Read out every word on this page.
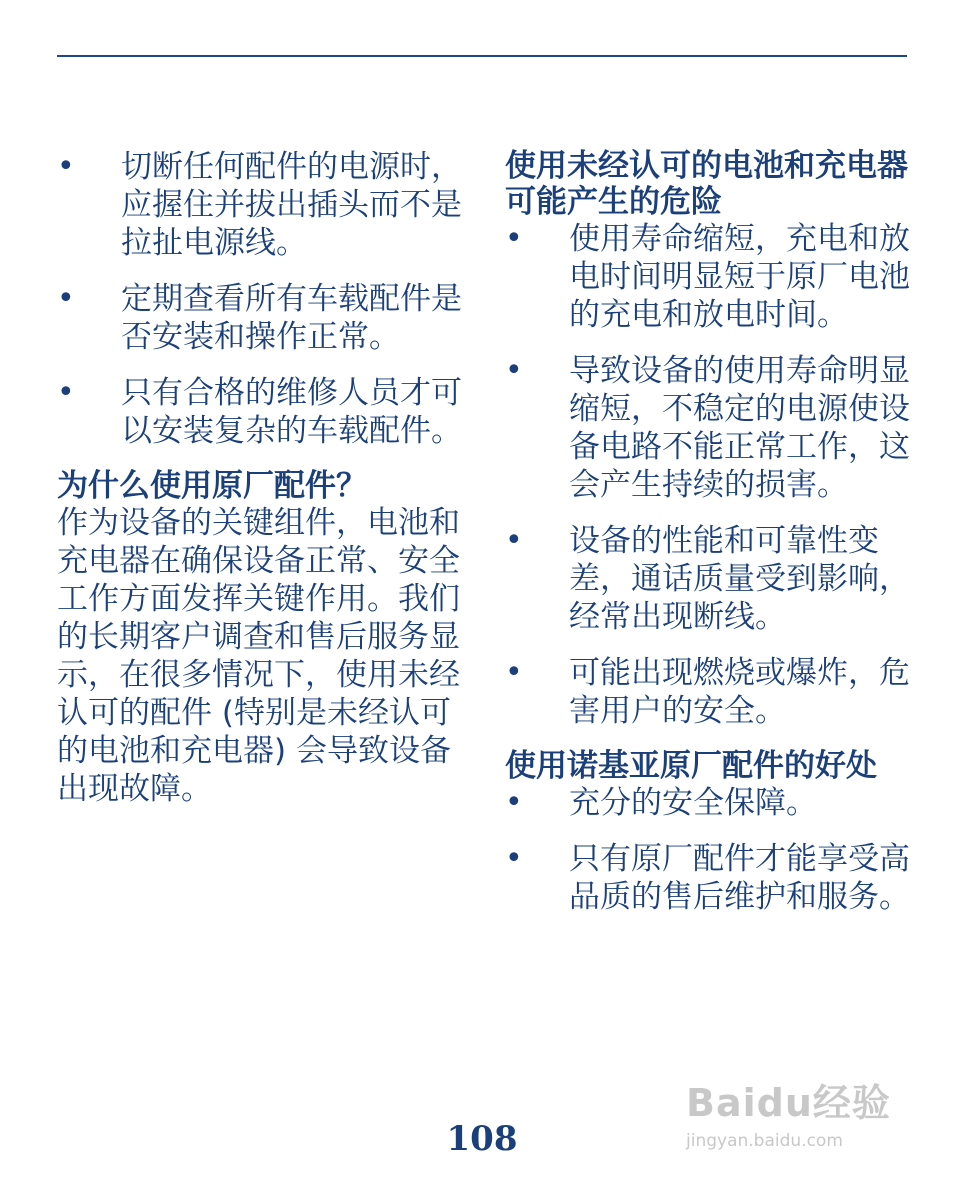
• 切断任何配件的电源时，应握住并拔出插头而不是拉扯电源线。
• 定期查看所有车载配件是否安装和操作正常。
• 只有合格的维修人员才可以安装复杂的车载配件。
为什么使用原厂配件？

作为设备的关键组件，电池和充电器在确保设备正常、安全工作方面发挥关键作用。我们的长期客户调查和售后服务显示，在很多情况下，使用未经认可的配件 (特别是未经认可的电池和充电器) 会导致设备出现故障。

使用未经认可的电池和充电器可能产生的危险
• 使用寿命缩短，充电和放电时间明显短于原厂电池的充电和放电时间。
• 导致设备的使用寿命明显缩短，不稳定的电源使设备电路不能正常工作，这会产生持续的损害。
• 设备的性能和可靠性变差，通话质量受到影响，经常出现断线。
• 可能出现燃烧或爆炸，危害用户的安全。
使用诺基亚原厂配件的好处
• 充分的安全保障。
• 只有原厂配件才能享受高品质的售后维护和服务。
108
Baidu经验
jingyan.baidu.com
